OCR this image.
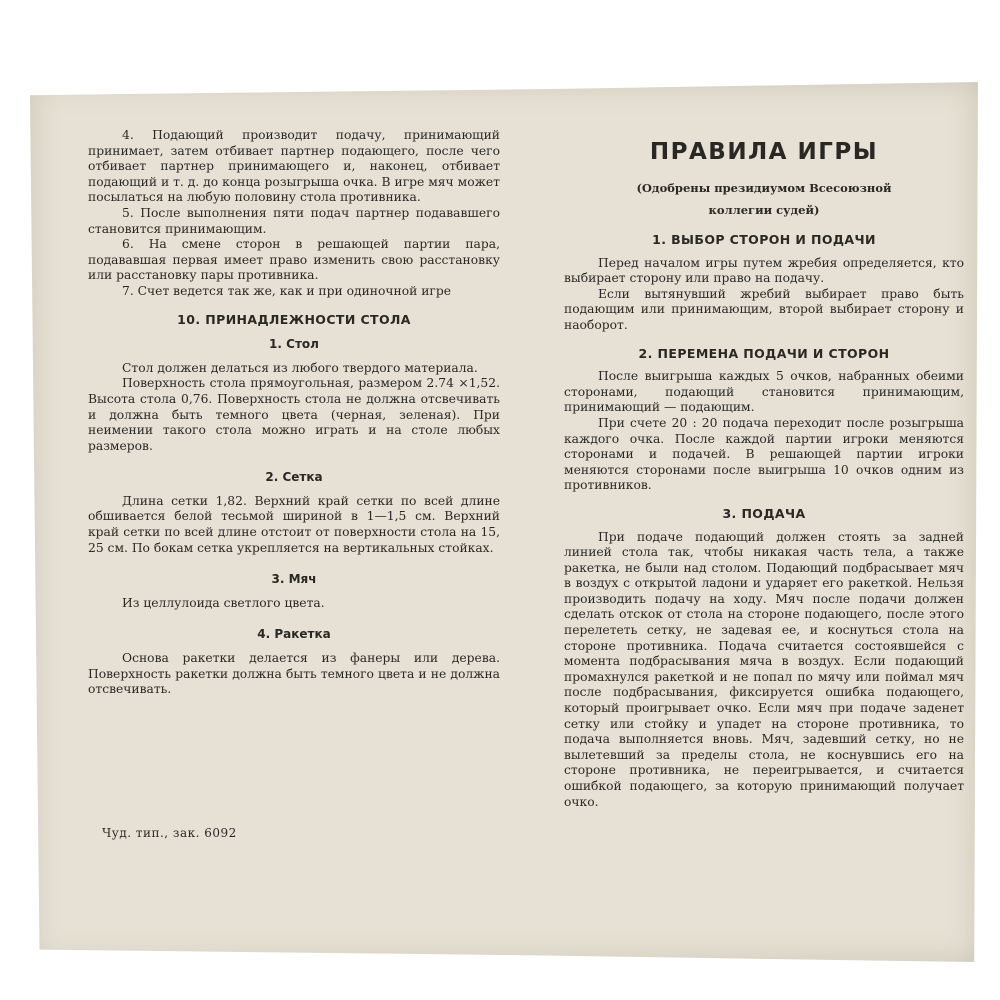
4. Подающий производит подачу, принимающий принимает, затем отбивает партнер подающего, после чего отбивает партнер принимающего и, наконец, отбивает подающий и т. д. до конца розыгрыша очка. В игре мяч может посылаться на любую половину стола противника.

5. После выполнения пяти подач партнер подававшего становится принимающим.

6. На смене сторон в решающей партии пара, подававшая первая имеет право изменить свою расстановку или расстановку пары противника.

7. Счет ведется так же, как и при одиночной игре

10. ПРИНАДЛЕЖНОСТИ СТОЛА
1. Стол

Стол должен делаться из любого твердого материала.

Поверхность стола прямоугольная, размером 2.74 ×1,52. Высота стола 0,76. Поверхность стола не должна отсвечивать и должна быть темного цвета (черная, зеленая). При неимении такого стола можно играть и на столе любых размеров.

2. Сетка

Длина сетки 1,82. Верхний край сетки по всей длине обшивается белой тесьмой шириной в 1—1,5 см. Верхний край сетки по всей длине отстоит от поверхности стола на 15, 25 см. По бокам сетка укрепляется на вертикальных стойках.

3. Мяч

Из целлулоида светлого цвета.

4. Ракетка

Основа ракетки делается из фанеры или дерева. Поверхность ракетки должна быть темного цвета и не должна отсвечивать.

Чуд. тип., зак. 6092
ПРАВИЛА ИГРЫ
(Одобрены президиумом Всесоюзной
коллегии судей)
1. ВЫБОР СТОРОН И ПОДАЧИ

Перед началом игры путем жребия определяется, кто выбирает сторону или право на подачу.

Если вытянувший жребий выбирает право быть подающим или принимающим, второй выбирает сторону и наоборот.

2. ПЕРЕМЕНА ПОДАЧИ И СТОРОН

После выигрыша каждых 5 очков, набранных обеими сторонами, подающий становится принимающим, принимающий — подающим.

При счете 20 : 20 подача переходит после розыгрыша каждого очка. После каждой партии игроки меняются сторонами и подачей. В решающей партии игроки меняются сторонами после выигрыша 10 очков одним из противников.

3. ПОДАЧА

При подаче подающий должен стоять за задней линией стола так, чтобы никакая часть тела, а также ракетка, не были над столом. Подающий подбрасывает мяч в воздух с открытой ладони и ударяет его ракеткой. Нельзя производить подачу на ходу. Мяч после подачи должен сделать отскок от стола на стороне подающего, после этого перелететь сетку, не задевая ее, и коснуться стола на стороне противника. Подача считается состоявшейся с момента подбрасывания мяча в воздух. Если подающий промахнулся ракеткой и не попал по мячу или поймал мяч после подбрасывания, фиксируется ошибка подающего, который проигрывает очко. Если мяч при подаче заденет сетку или стойку и упадет на стороне противника, то подача выполняется вновь. Мяч, задевший сетку, но не вылетевший за пределы стола, не коснувшись его на стороне противника, не переигрывается, и считается ошибкой подающего, за которую принимающий получает очко.
